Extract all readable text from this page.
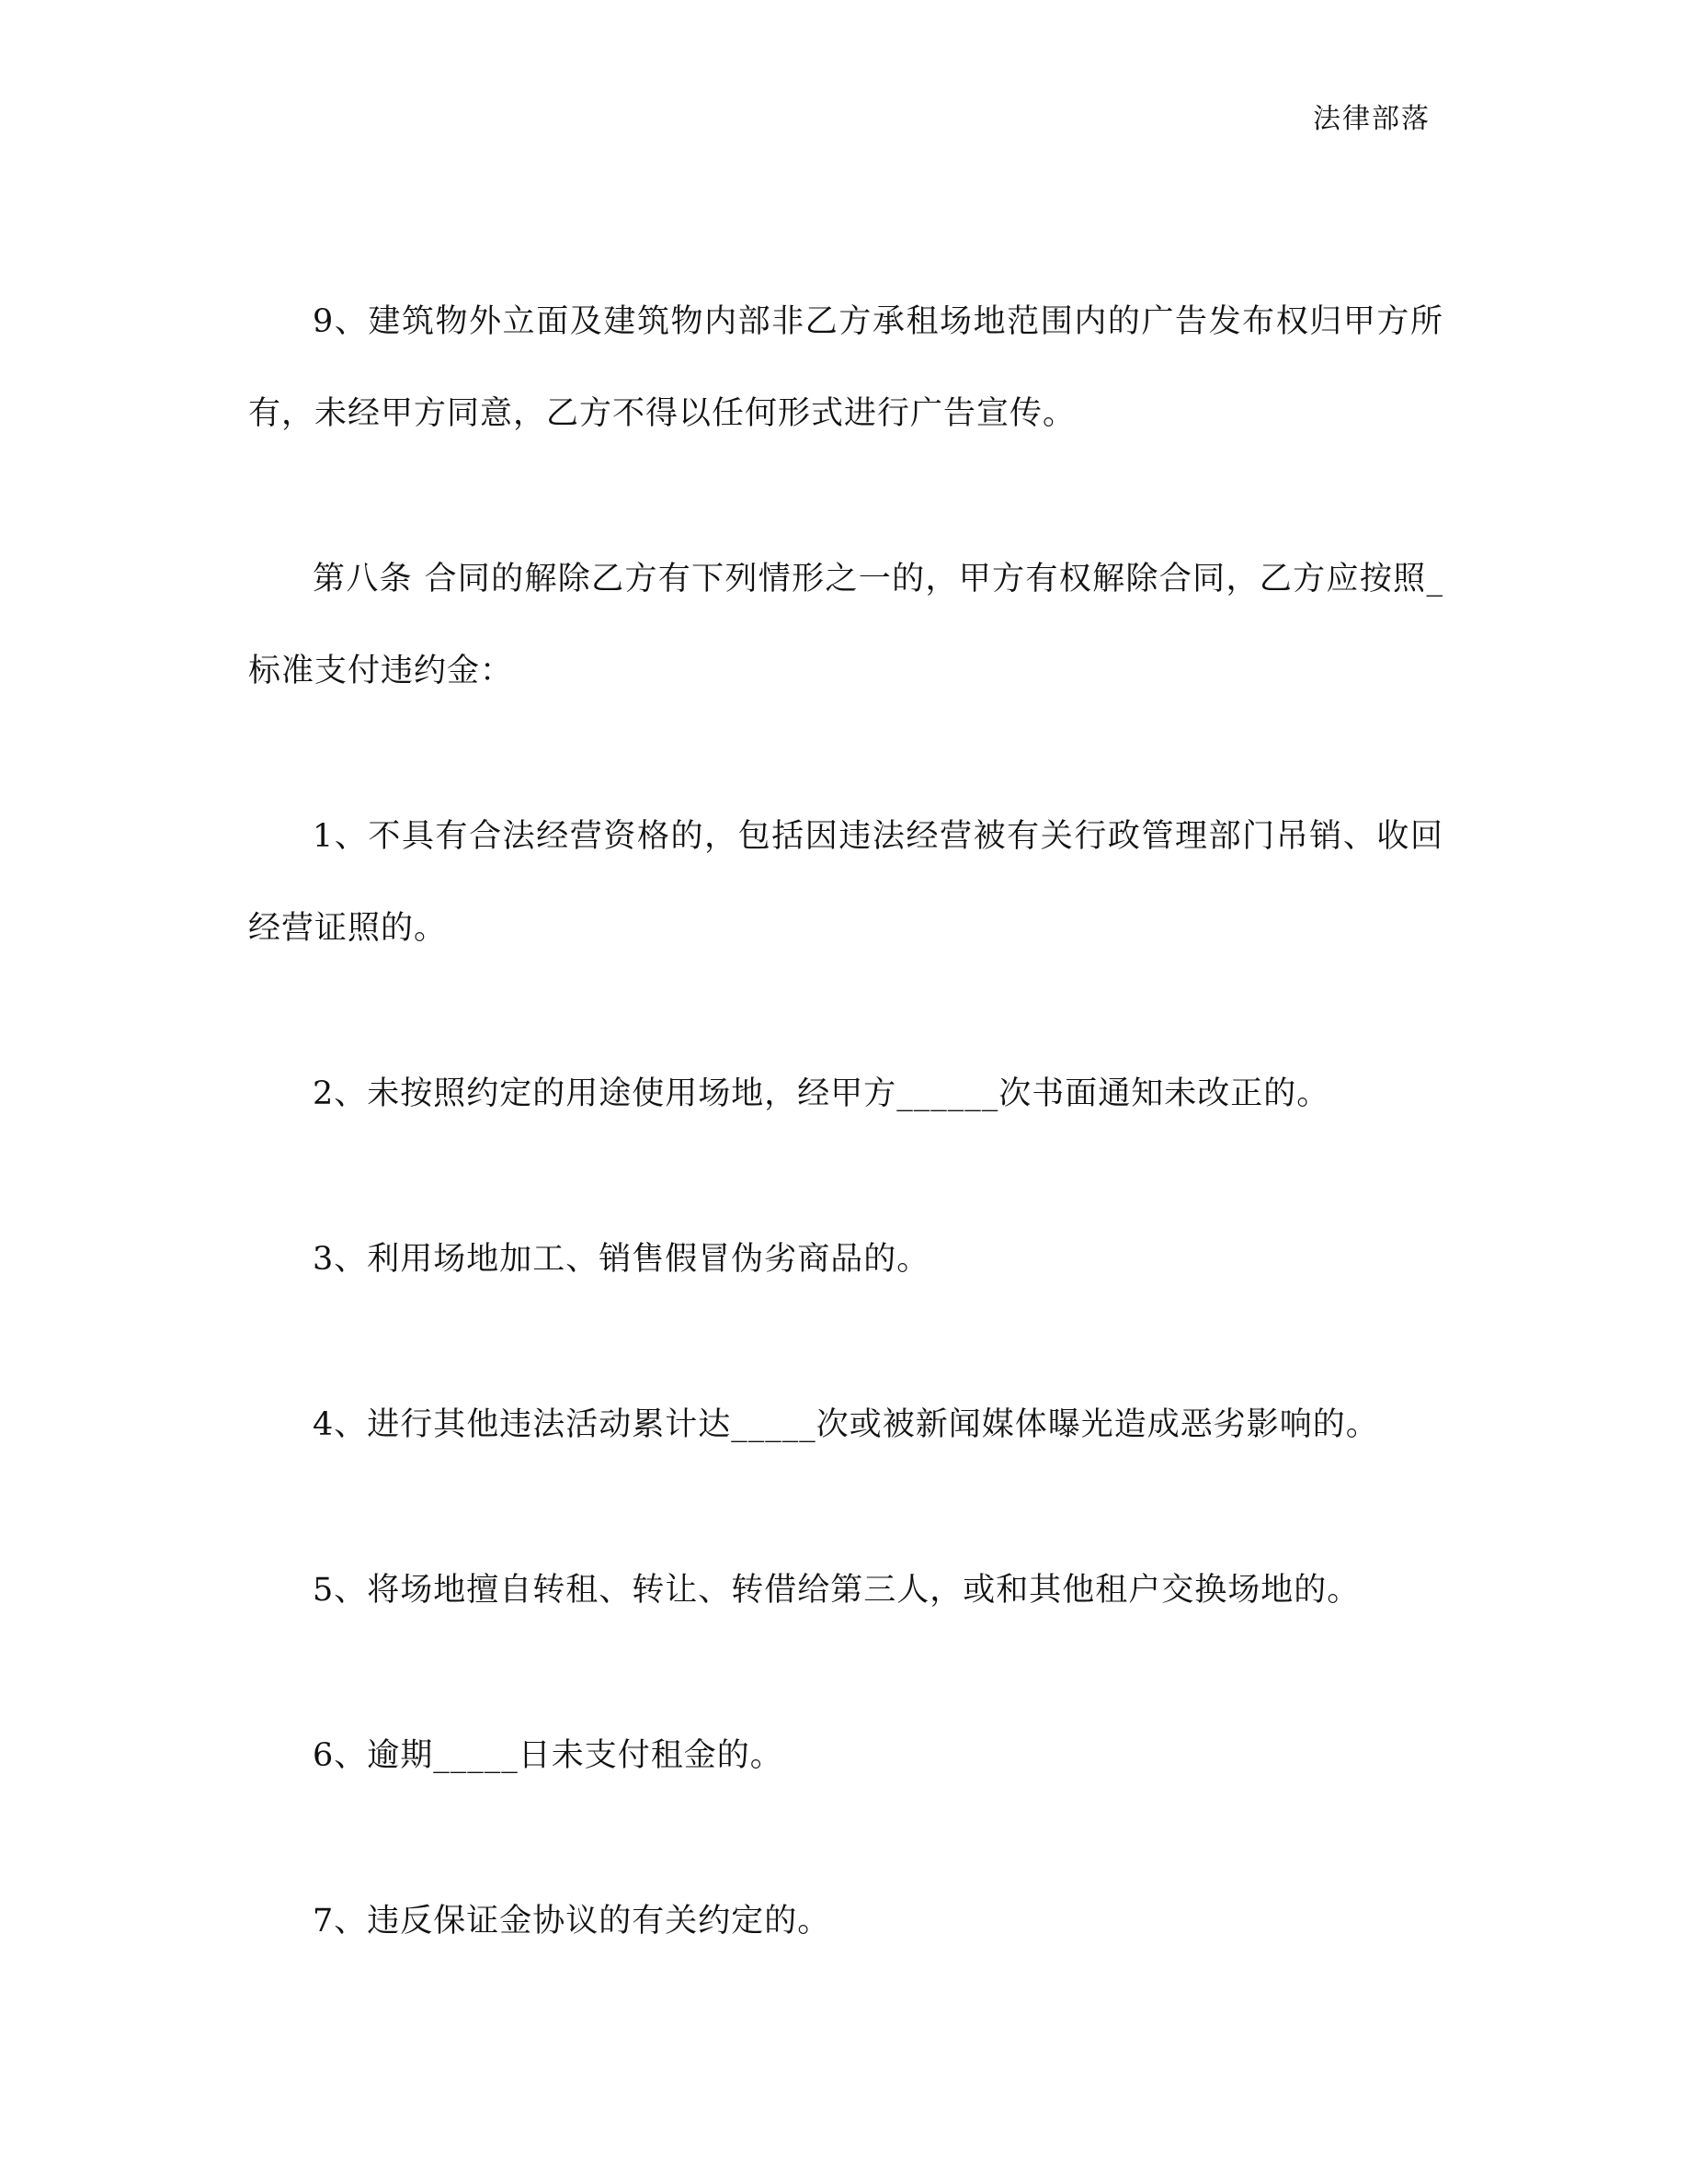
法律部落

9、建筑物外立面及建筑物内部非乙方承租场地范围内的广告发布权归甲方所有，未经甲方同意，乙方不得以任何形式进行广告宣传。

第八条 合同的解除乙方有下列情形之一的，甲方有权解除合同，乙方应按照_标准支付违约金：

1、不具有合法经营资格的，包括因违法经营被有关行政管理部门吊销、收回经营证照的。

2、未按照约定的用途使用场地，经甲方______次书面通知未改正的。

3、利用场地加工、销售假冒伪劣商品的。

4、进行其他违法活动累计达_____次或被新闻媒体曝光造成恶劣影响的。

5、将场地擅自转租、转让、转借给第三人，或和其他租户交换场地的。

6、逾期_____日未支付租金的。

7、违反保证金协议的有关约定的。
